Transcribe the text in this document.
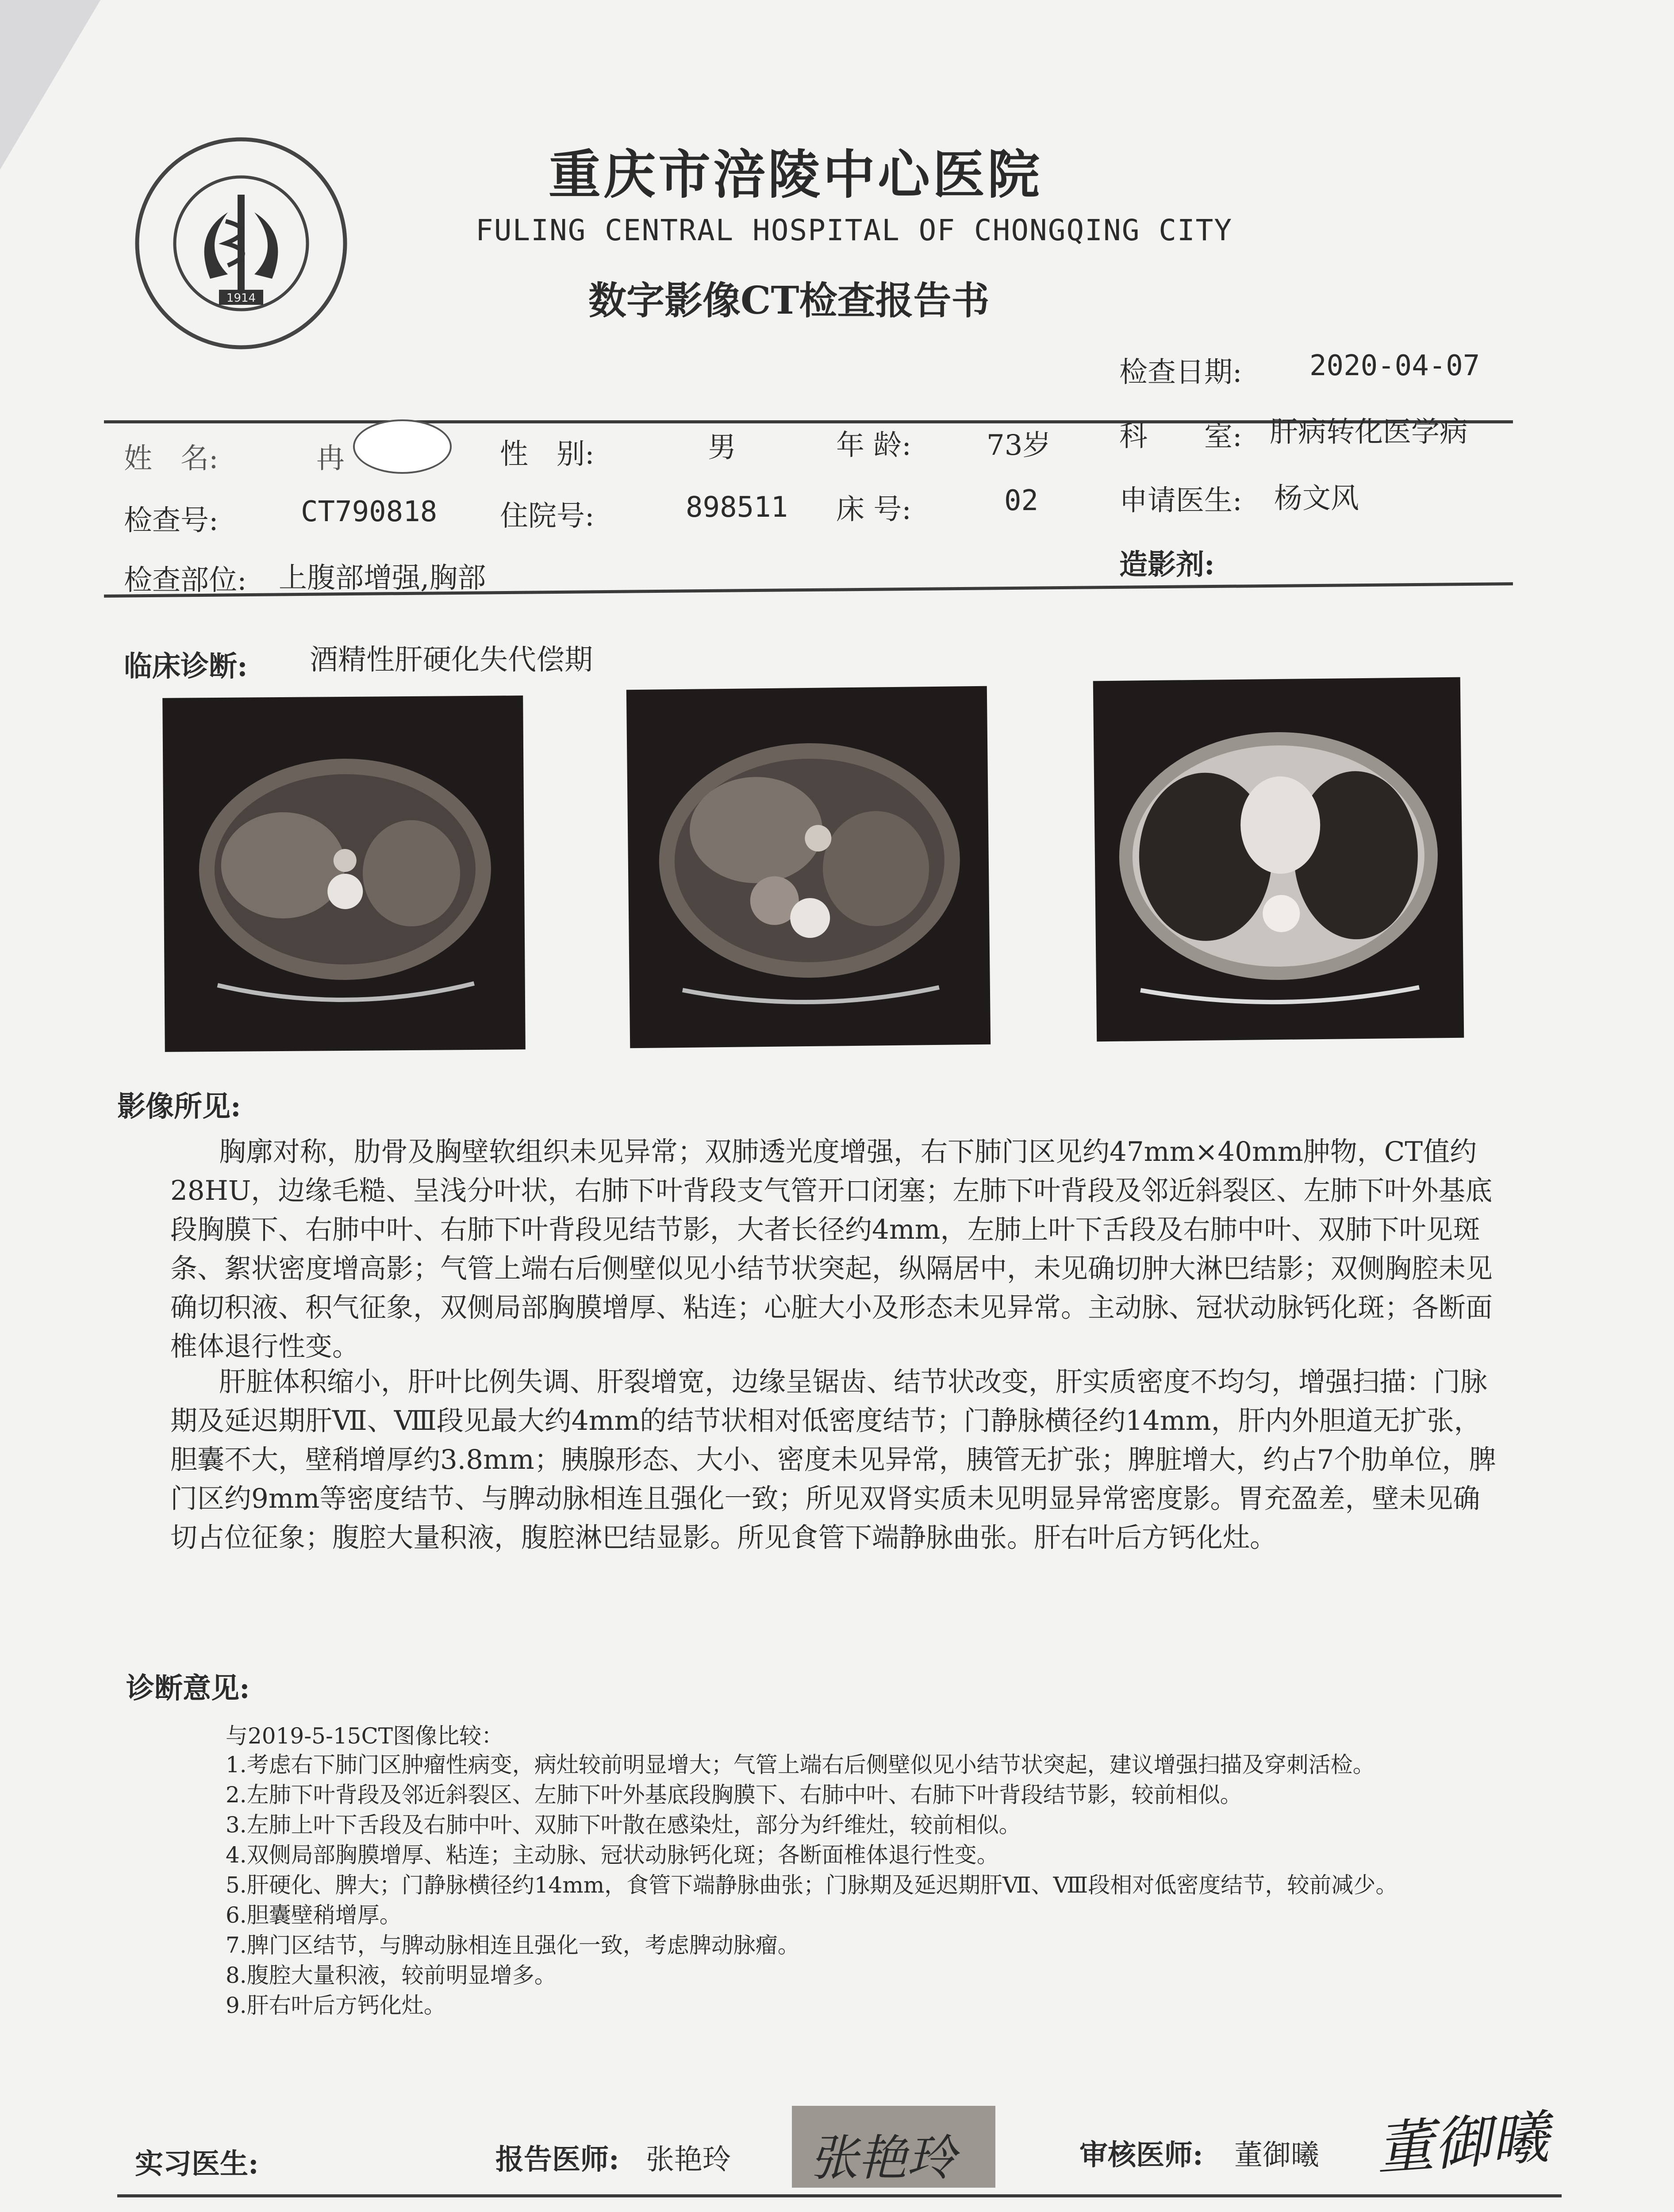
1914
重庆市涪陵中心医院
FULING CENTRAL HOSPITAL OF CHONGQING CITY
数字影像CT检查报告书
检查日期: 2020-04-07
姓　名:	冉	性　别:	男	年 龄:	73岁 科　　室: 肝病转化医学病
检查号:	CT790818 住院号:	898511 床 号:	02	申请医生: 杨文风
检查部位: 上腹部增强,胸部	造影剂:
临床诊断: 酒精性肝硬化失代偿期
影像所见:
胸廓对称，肋骨及胸壁软组织未见异常；双肺透光度增强，右下肺门区见约47mm×40mm肿物，CT值约28HU，边缘毛糙、呈浅分叶状，右肺下叶背段支气管开口闭塞；左肺下叶背段及邻近斜裂区、左肺下叶外基底段胸膜下、右肺中叶、右肺下叶背段见结节影，大者长径约4mm，左肺上叶下舌段及右肺中叶、双肺下叶见斑条、絮状密度增高影；气管上端右后侧壁似见小结节状突起，纵隔居中，未见确切肿大淋巴结影；双侧胸腔未见确切积液、积气征象，双侧局部胸膜增厚、粘连；心脏大小及形态未见异常。主动脉、冠状动脉钙化斑；各断面椎体退行性变。
肝脏体积缩小，肝叶比例失调、肝裂增宽，边缘呈锯齿、结节状改变，肝实质密度不均匀，增强扫描：门脉期及延迟期肝Ⅶ、Ⅷ段见最大约4mm的结节状相对低密度结节；门静脉横径约14mm，肝内外胆道无扩张，胆囊不大，壁稍增厚约3.8mm；胰腺形态、大小、密度未见异常，胰管无扩张；脾脏增大，约占7个肋单位，脾门区约9mm等密度结节、与脾动脉相连且强化一致；所见双肾实质未见明显异常密度影。胃充盈差，壁未见确切占位征象；腹腔大量积液，腹腔淋巴结显影。所见食管下端静脉曲张。肝右叶后方钙化灶。
诊断意见:
与2019-5-15CT图像比较：
1.考虑右下肺门区肿瘤性病变，病灶较前明显增大；气管上端右后侧壁似见小结节状突起，建议增强扫描及穿刺活检。
2.左肺下叶背段及邻近斜裂区、左肺下叶外基底段胸膜下、右肺中叶、右肺下叶背段结节影，较前相似。
3.左肺上叶下舌段及右肺中叶、双肺下叶散在感染灶，部分为纤维灶，较前相似。
4.双侧局部胸膜增厚、粘连；主动脉、冠状动脉钙化斑；各断面椎体退行性变。
5.肝硬化、脾大；门静脉横径约14mm，食管下端静脉曲张；门脉期及延迟期肝Ⅶ、Ⅷ段相对低密度结节，较前减少。
6.胆囊壁稍增厚。
7.脾门区结节，与脾动脉相连且强化一致，考虑脾动脉瘤。
8.腹腔大量积液，较前明显增多。
9.肝右叶后方钙化灶。
实习医生:	报告医师: 张艳玲 张艳玲	审核医师: 董御曦 董御曦
